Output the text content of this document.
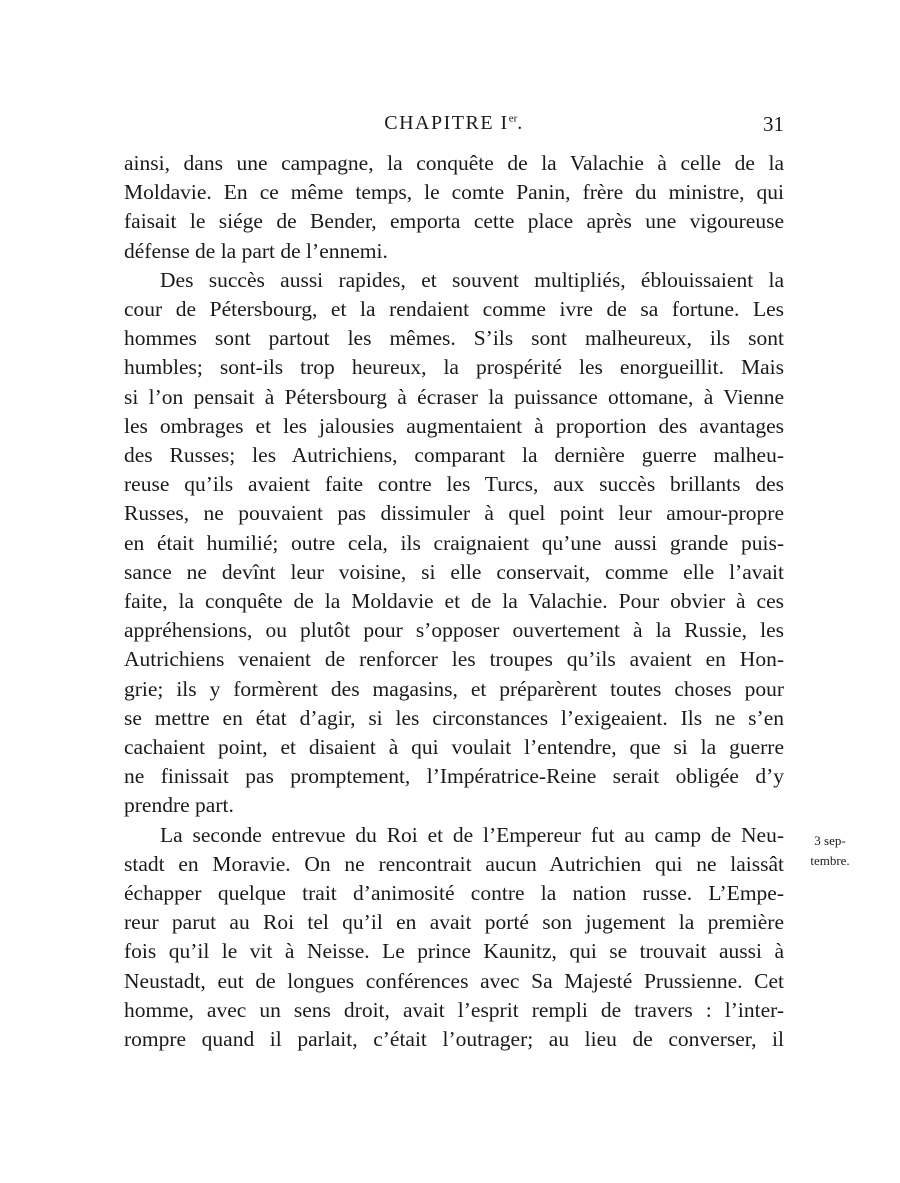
CHAPITRE Ier.	31

ainsi, dans une campagne, la conquête de la Valachie à celle de la
Moldavie. En ce même temps, le comte Panin, frère du ministre, qui
faisait le siége de Bender, emporta cette place après une vigoureuse
défense de la part de l’ennemi.

Des succès aussi rapides, et souvent multipliés, éblouissaient la
cour de Pétersbourg, et la rendaient comme ivre de sa fortune. Les
hommes sont partout les mêmes. S’ils sont malheureux, ils sont
humbles; sont-ils trop heureux, la prospérité les enorgueillit. Mais
si l’on pensait à Pétersbourg à écraser la puissance ottomane, à Vienne
les ombrages et les jalousies augmentaient à proportion des avantages
des Russes; les Autrichiens, comparant la dernière guerre malheu-
reuse qu’ils avaient faite contre les Turcs, aux succès brillants des
Russes, ne pouvaient pas dissimuler à quel point leur amour-propre
en était humilié; outre cela, ils craignaient qu’une aussi grande puis-
sance ne devînt leur voisine, si elle conservait, comme elle l’avait
faite, la conquête de la Moldavie et de la Valachie. Pour obvier à ces
appréhensions, ou plutôt pour s’opposer ouvertement à la Russie, les
Autrichiens venaient de renforcer les troupes qu’ils avaient en Hon-
grie; ils y formèrent des magasins, et préparèrent toutes choses pour
se mettre en état d’agir, si les circonstances l’exigeaient. Ils ne s’en
cachaient point, et disaient à qui voulait l’entendre, que si la guerre
ne finissait pas promptement, l’Impératrice-Reine serait obligée d’y
prendre part.

La seconde entrevue du Roi et de l’Empereur fut au camp de Neu-
stadt en Moravie. On ne rencontrait aucun Autrichien qui ne laissât
échapper quelque trait d’animosité contre la nation russe. L’Empe-
reur parut au Roi tel qu’il en avait porté son jugement la première
fois qu’il le vit à Neisse. Le prince Kaunitz, qui se trouvait aussi à
Neustadt, eut de longues conférences avec Sa Majesté Prussienne. Cet
homme, avec un sens droit, avait l’esprit rempli de travers : l’inter-
rompre quand il parlait, c’était l’outrager; au lieu de converser, il

3 sep-
tembre.
